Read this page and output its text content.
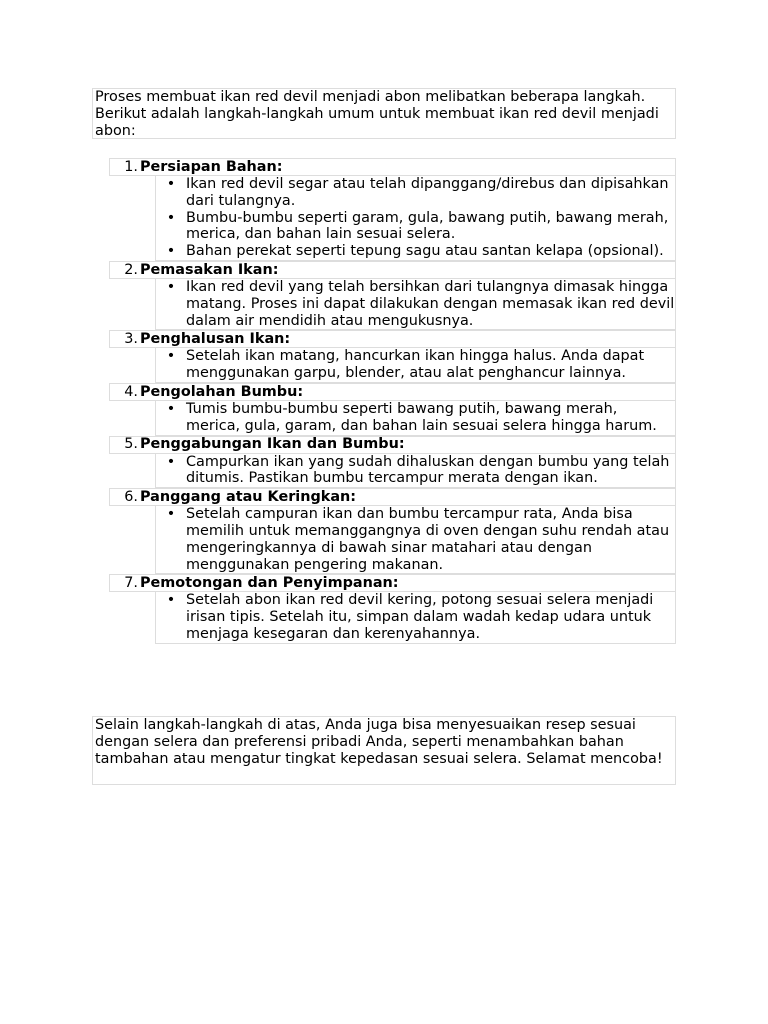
Proses membuat ikan red devil menjadi abon melibatkan beberapa langkah. Berikut adalah langkah-langkah umum untuk membuat ikan red devil menjadi abon:
1. Persiapan Bahan:
• Ikan red devil segar atau telah dipanggang/direbus dan dipisahkan dari tulangnya.
• Bumbu-bumbu seperti garam, gula, bawang putih, bawang merah, merica, dan bahan lain sesuai selera.
• Bahan perekat seperti tepung sagu atau santan kelapa (opsional).
2. Pemasakan Ikan:
• Ikan red devil yang telah bersihkan dari tulangnya dimasak hingga matang. Proses ini dapat dilakukan dengan memasak ikan red devil dalam air mendidih atau mengukusnya.
3. Penghalusan Ikan:
• Setelah ikan matang, hancurkan ikan hingga halus. Anda dapat menggunakan garpu, blender, atau alat penghancur lainnya.
4. Pengolahan Bumbu:
• Tumis bumbu-bumbu seperti bawang putih, bawang merah, merica, gula, garam, dan bahan lain sesuai selera hingga harum.
5. Penggabungan Ikan dan Bumbu:
• Campurkan ikan yang sudah dihaluskan dengan bumbu yang telah ditumis. Pastikan bumbu tercampur merata dengan ikan.
6. Panggang atau Keringkan:
• Setelah campuran ikan dan bumbu tercampur rata, Anda bisa memilih untuk memanggangnya di oven dengan suhu rendah atau mengeringkannya di bawah sinar matahari atau dengan menggunakan pengering makanan.
7. Pemotongan dan Penyimpanan:
• Setelah abon ikan red devil kering, potong sesuai selera menjadi irisan tipis. Setelah itu, simpan dalam wadah kedap udara untuk menjaga kesegaran dan kerenyahannya.
Selain langkah-langkah di atas, Anda juga bisa menyesuaikan resep sesuai dengan selera dan preferensi pribadi Anda, seperti menambahkan bahan tambahan atau mengatur tingkat kepedasan sesuai selera. Selamat mencoba!
